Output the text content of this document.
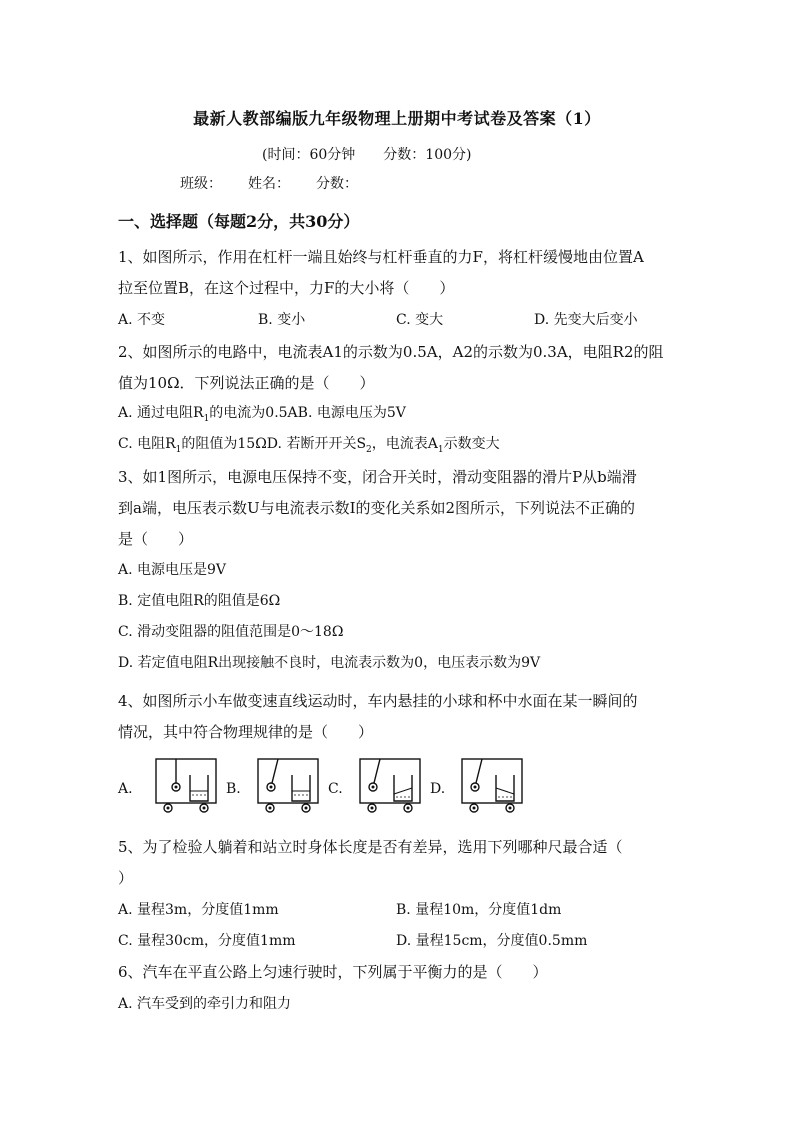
最新人教部编版九年级物理上册期中考试卷及答案（1）
(时间：60分钟 分数：100分)
班级： 姓名： 分数：
一、选择题（每题2分，共30分）
1、如图所示，作用在杠杆一端且始终与杠杆垂直的力F，将杠杆缓慢地由位置A
拉至位置B，在这个过程中，力F的大小将（　　）
A. 不变	B. 变小	C. 变大	D. 先变大后变小
2、如图所示的电路中，电流表A1的示数为0.5A，A2的示数为0.3A，电阻R2的阻
值为10Ω．下列说法正确的是（　　）
A. 通过电阻$R_1$的电流为0.5AB. 电源电压为5V
C. 电阻$R_1$的阻值为15ΩD. 若断开开关$S_2$，电流表$A_1$示数变大
3、如1图所示，电源电压保持不变，闭合开关时，滑动变阻器的滑片P从b端滑
到a端，电压表示数U与电流表示数I的变化关系如2图所示，下列说法不正确的
是（　　）
A. 电源电压是9V
B. 定值电阻R的阻值是6Ω
C. 滑动变阻器的阻值范围是0～18Ω
D. 若定值电阻R出现接触不良时，电流表示数为0，电压表示数为9V
4、如图所示小车做变速直线运动时，车内悬挂的小球和杯中水面在某一瞬间的
情况，其中符合物理规律的是（　　）
A.	B.	C.	D.
5、为了检验人躺着和站立时身体长度是否有差异，选用下列哪种尺最合适（
）
A. 量程3m，分度值1mm	B. 量程10m，分度值1dm
C. 量程30cm，分度值1mm	D. 量程15cm，分度值0.5mm
6、汽车在平直公路上匀速行驶时，下列属于平衡力的是（　　）
A. 汽车受到的牵引力和阻力
